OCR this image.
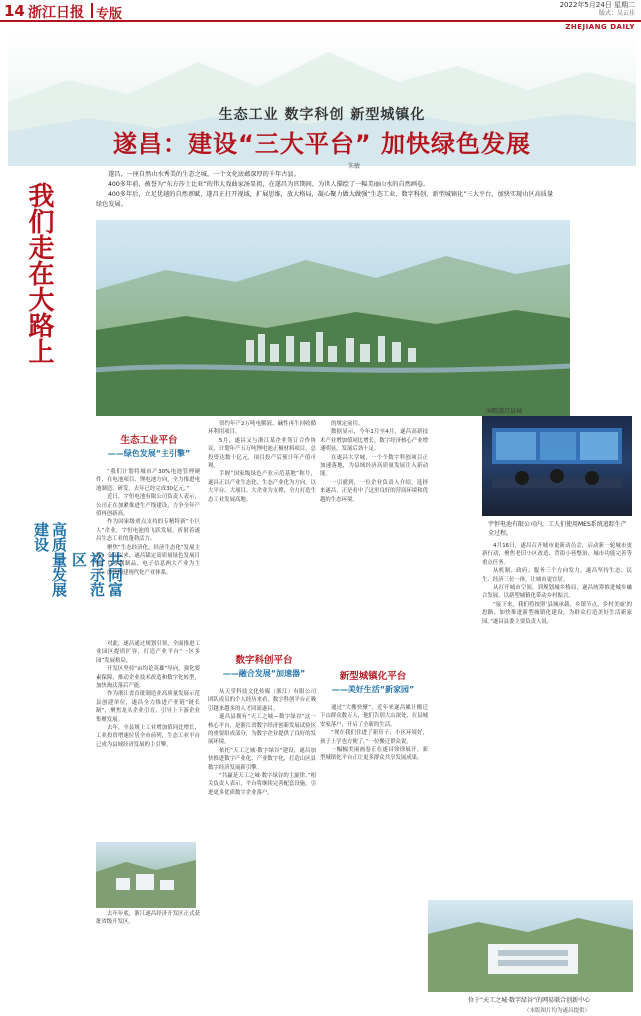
14 浙江日报 专版
2022年5月24日 星期二
版式：吴云佳
ZHEJIANG DAILY
生态工业 数字科创 新型城镇化
遂昌：建设“三大平台” 加快绿色发展
朱敏

遂昌，一座自然山水秀美的生态之城，一个文化底蕴深厚的千年古县。

400多年前，被誉为“东方莎士比亚”的伟大戏曲家汤显祖，在遂昌为官期间，为世人描绘了一幅美丽山水的自然画卷。

400多年后，立足优越的自然禀赋，遂昌正打开视域，扩展思维，放大格局，凝心聚力做大做强“生态工业、数字科创、新型城镇化”三大平台，加快实现山区高质量绿色发展。

我们走在大路上
高质量发展建设
共同富裕示范区
闲暇遂昌县城
宇恒电池有限公司内，工人们使用MES系统追踪生产全过程。
生态工业平台
——绿色发展“主引擎”
数字科创平台
——融合发展“加速器”	新型城镇化平台
——美好生活“新家园”

“我们计划将城市产30%电池管理硬件，在电池项目、锂电池方向，全力推进电池制造、研发，去年已经完成30亿元。”

近日，宇恒电池有限公司负责人表示，公司正在加紧推进生产线建设，力争全年产值再创新高。

作为国家级重点支持的专精特新“小巨人”企业，宇恒电池的飞跃发展，折射着遂昌生态工业的蓬勃活力。

聚焦“生态经济化，经济生态化”发展主线，今年以来，遂昌锚定高质量绿色发展目标，以金属制品、电子信息两大产业为主导，加快构建现代化产业体系。

对此，遂昌通过规划引领，全面推进工业园区提质扩容，打造产业平台“一区多园”发展格局。

开发区坚持“亩均论英雄”导向，强化要素保障，推动企业技术改造和数字化转型，加快淘汰落后产能。

作为浙江省首批制造业高质量发展示范县创建单位，遂昌全力推进产业链“链长制”，聚焦龙头企业引育，引导上下游企业集聚发展。

去年，全县规上工业增加值同比增长，工业投资增速位居全市前列，生态工业平台已成为县域经济发展的主引擎。

资约年产2万吨电解液、碱性再生回收循环利用项目。

5月，遂昌又与浙江某企业签订合作协议，计划年产五万吨锂电池正极材料项目，总投资达数十亿元，项目投产后预计年产值可观。

手握“国家级绿色产业示范基地”称号，遂昌正以产业生态化、生态产业化为方向，以大平台、大项目、大企业为支撑，全力打造生态工业发展高地。

从天堂科技文化传媒（浙江）有限公司团队成员的个人经历来看，数字科创平台正吸引越来越多的人才回流遂昌。

遂昌县拥有“天工之城—数字绿谷”这一核心平台，是浙江省数字经济创新发展试验区的重要组成部分，为数字企业提供了良好的发展环境。

依托“天工之城·数字绿谷”建设，遂昌加快推进数字产业化、产业数字化，打造山区县数字经济发展新引擎。

“共赢是天工之城·数字绿谷的主旋律。”相关负责人表示，平台将继续完善配套设施，引进更多优质数字企业落户。

的规定前往。

数据显示，今年1月至4月，遂昌高新技术产业增加值同比增长，数字经济核心产业增速明显，发展后劲十足。

在遂昌大学城，一个个数字科创项目正加速落地，为县域经济高质量发展注入新动能。

一引就到，一位企业负责人介绍，选择来遂昌，正是看中了这里良好的营商环境和优越的生态环境。

通过“大搬快聚”，近年来遂昌累计搬迁下山群众数万人，他们告别大山深处，在县城安家落户，开启了全新的生活。

“现在我们住进了新房子，小区环境好，孩子上学也方便了。”一位搬迁群众说。

一幅幅美丽画卷正在遂昌徐徐展开，新型城镇化平台正让更多群众共享发展成果。

4月16日，遂昌召开城市更新动员会，启动新一轮城市更新行动，聚焦老旧小区改造、背街小巷整治、城市功能完善等重点任务。

从机制，政府、服务三个方向发力，遂昌坚持生态、民生、经济三位一体，让城市更宜居。

从打开城市空间，到规划城乡格局，遂昌统筹推进城乡融合发展，以新型城镇化带动乡村振兴。

“接下来，我们将按照‘县城承载、乡镇节点、乡村美丽’的思路，加快推进新型城镇化建设，为群众打造美好生活新家园。”遂昌县委主要负责人说。

去年年底，浙江遂昌经济开发区正式获批省级开发区。

位于“天工之城·数字绿谷”的网易联合创新中心
（本版图片均为遂昌提供）
